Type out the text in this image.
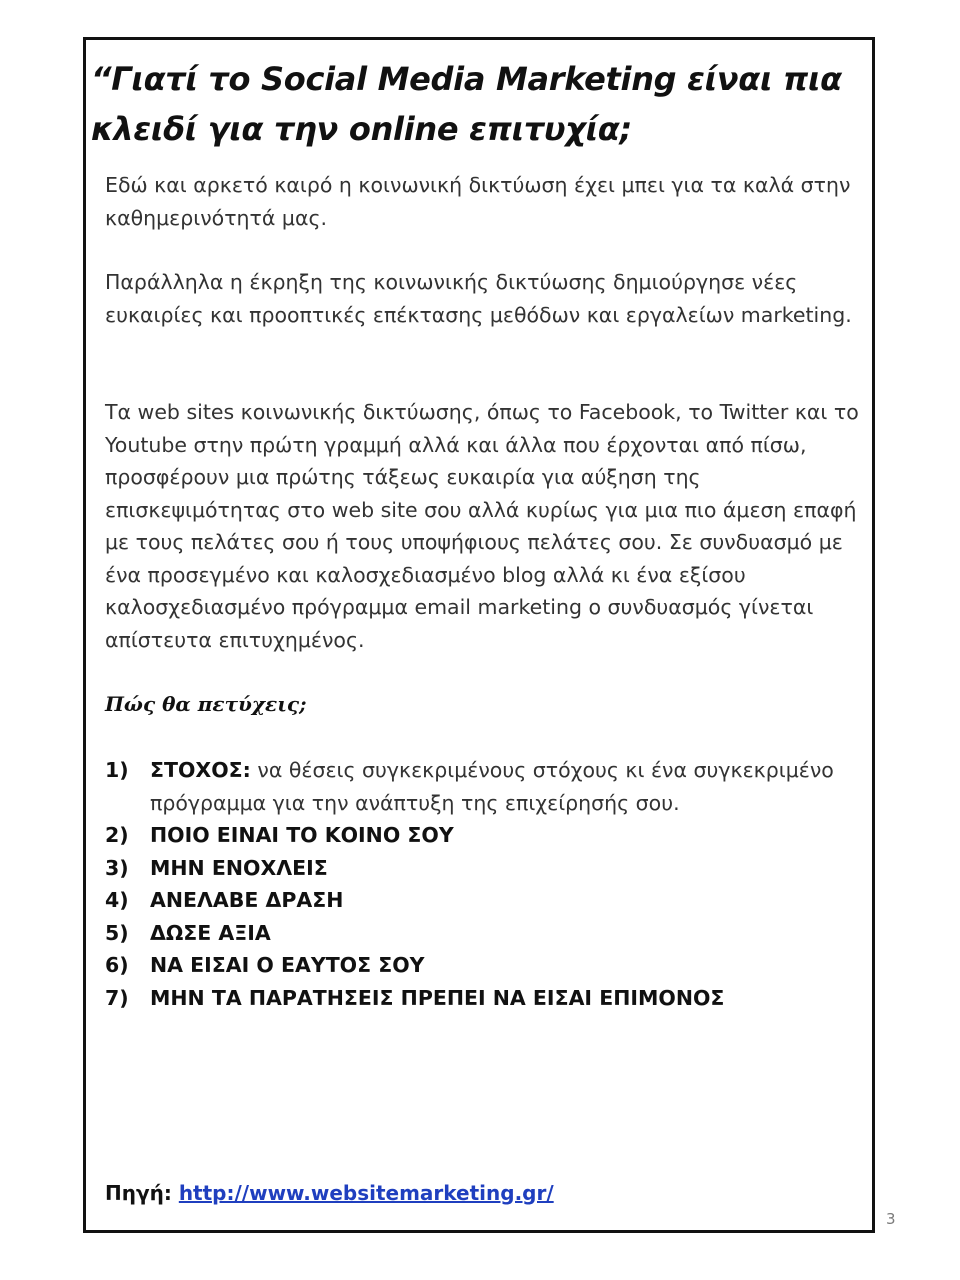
“Γιατί το Social Media Marketing είναι πια κλειδί για την online επιτυχία;

Εδώ και αρκετό καιρό η κοινωνική δικτύωση έχει μπει για τα καλά στην καθημερινότητά μας.

Παράλληλα η έκρηξη της κοινωνικής δικτύωσης δημιούργησε νέες ευκαιρίες και προοπτικές επέκτασης μεθόδων και εργαλείων marketing.

Τα web sites κοινωνικής δικτύωσης, όπως το Facebook, το Twitter και το Youtube στην πρώτη γραμμή αλλά και άλλα που έρχονται από πίσω, προσφέρουν μια πρώτης τάξεως ευκαιρία για αύξηση της επισκεψιμότητας στο web site σου αλλά κυρίως για μια πιο άμεση επαφή με τους πελάτες σου ή τους υποψήφιους πελάτες σου. Σε συνδυασμό με ένα προσεγμένο και καλοσχεδιασμένο blog αλλά κι ένα εξίσου καλοσχεδιασμένο πρόγραμμα email marketing ο συνδυασμός γίνεται απίστευτα επιτυχημένος.

Πώς θα πετύχεις;
1) ΣΤΟΧΟΣ: να θέσεις συγκεκριμένους στόχους κι ένα συγκεκριμένο πρόγραμμα για την ανάπτυξη της επιχείρησής σου.
2) ΠΟΙΟ ΕΙΝΑΙ ΤΟ ΚΟΙΝΟ ΣΟΥ
3) ΜΗΝ ΕΝΟΧΛΕΙΣ
4) ΑΝΕΛΑΒΕ ΔΡΑΣΗ
5) ΔΩΣΕ ΑΞΙΑ
6) ΝΑ ΕΙΣΑΙ Ο ΕΑΥΤΟΣ ΣΟΥ
7) ΜΗΝ ΤΑ ΠΑΡΑΤΗΣΕΙΣ ΠΡΕΠΕΙ ΝΑ ΕΙΣΑΙ ΕΠΙΜΟΝΟΣ

Πηγή: http://www.websitemarketing.gr/

3
